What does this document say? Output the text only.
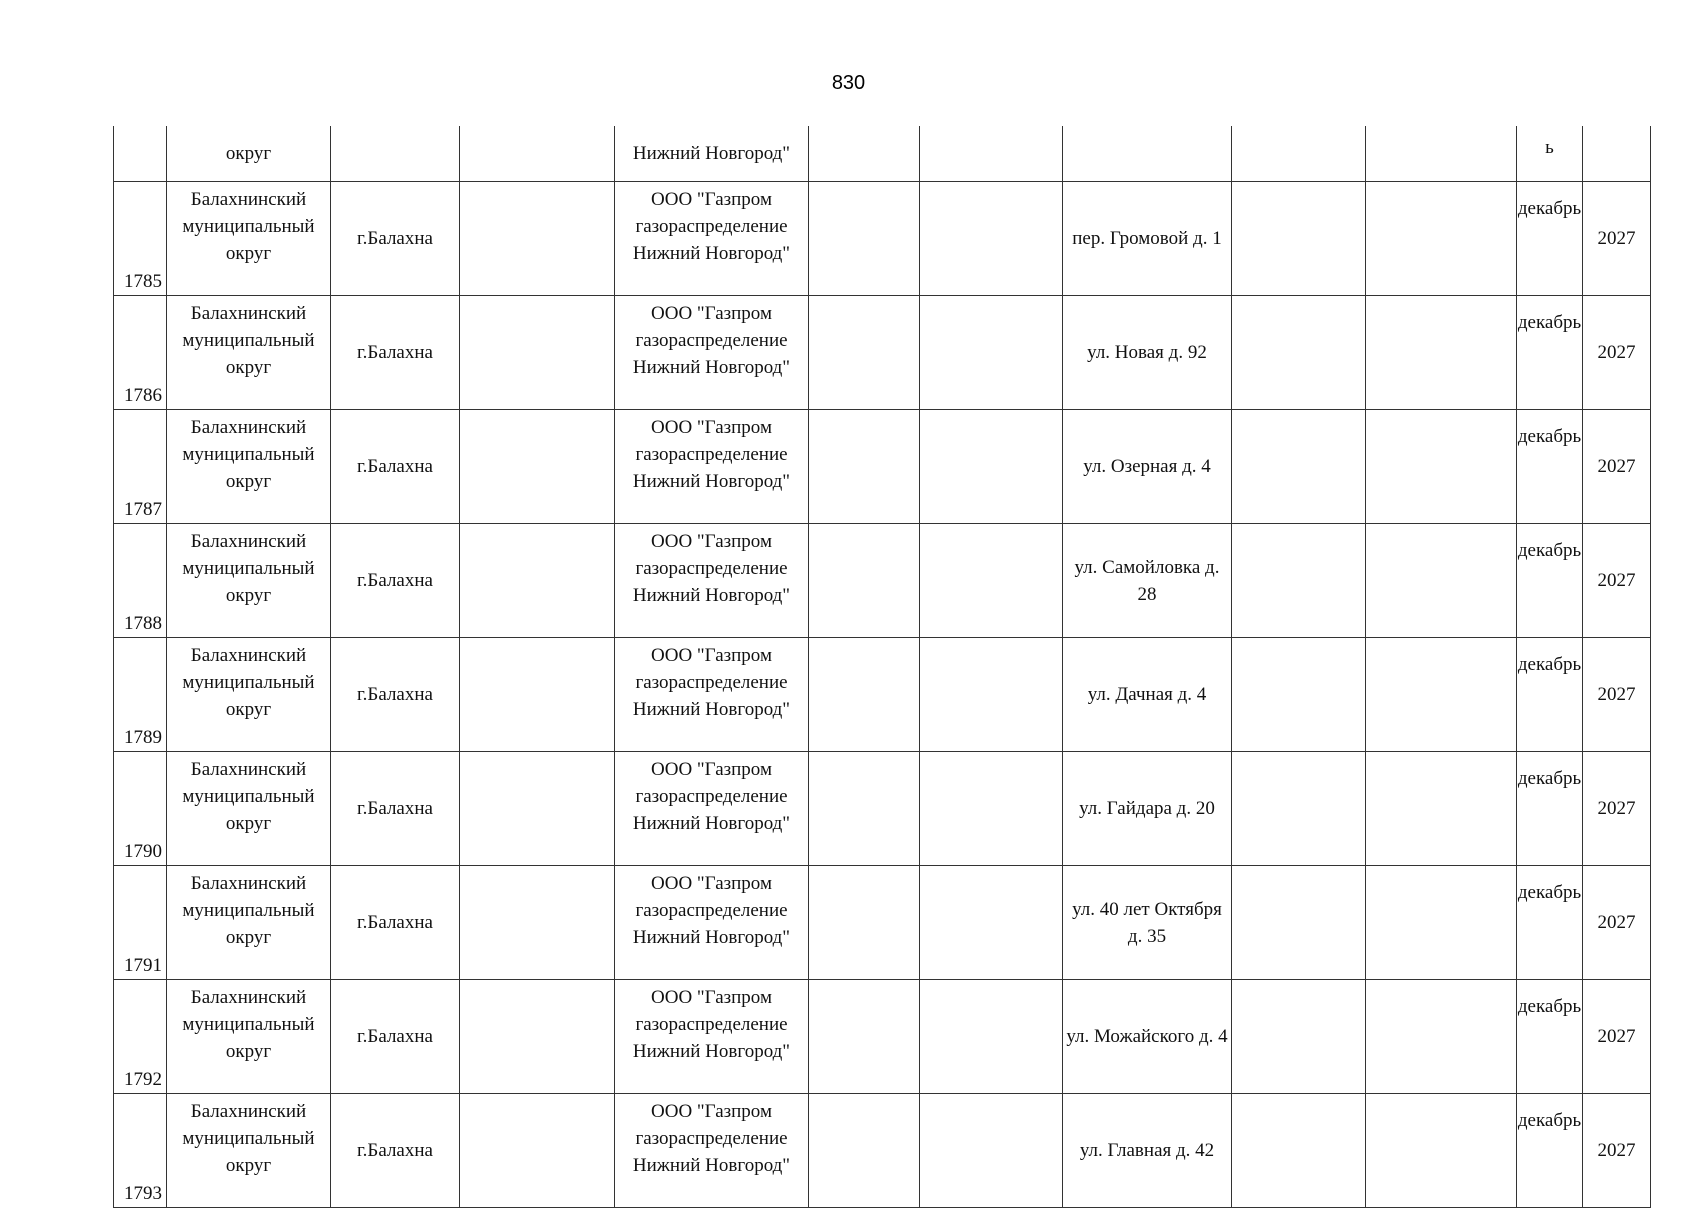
830
	округ			Нижний Новгород"						ь	
1785	Балахнинский муниципальный округ	г.Балахна		ООО "Газпром газораспределение Нижний Новгород"			пер. Громовой д. 1			декабрь	2027
1786	Балахнинский муниципальный округ	г.Балахна		ООО "Газпром газораспределение Нижний Новгород"			ул. Новая д. 92			декабрь	2027
1787	Балахнинский муниципальный округ	г.Балахна		ООО "Газпром газораспределение Нижний Новгород"			ул. Озерная д. 4			декабрь	2027
1788	Балахнинский муниципальный округ	г.Балахна		ООО "Газпром газораспределение Нижний Новгород"			ул. Самойловка д. 28			декабрь	2027
1789	Балахнинский муниципальный округ	г.Балахна		ООО "Газпром газораспределение Нижний Новгород"			ул. Дачная д. 4			декабрь	2027
1790	Балахнинский муниципальный округ	г.Балахна		ООО "Газпром газораспределение Нижний Новгород"			ул. Гайдара д. 20			декабрь	2027
1791	Балахнинский муниципальный округ	г.Балахна		ООО "Газпром газораспределение Нижний Новгород"			ул. 40 лет Октября д. 35			декабрь	2027
1792	Балахнинский муниципальный округ	г.Балахна		ООО "Газпром газораспределение Нижний Новгород"			ул. Можайского д. 4			декабрь	2027
1793	Балахнинский муниципальный округ	г.Балахна		ООО "Газпром газораспределение Нижний Новгород"			ул. Главная д. 42			декабрь	2027
